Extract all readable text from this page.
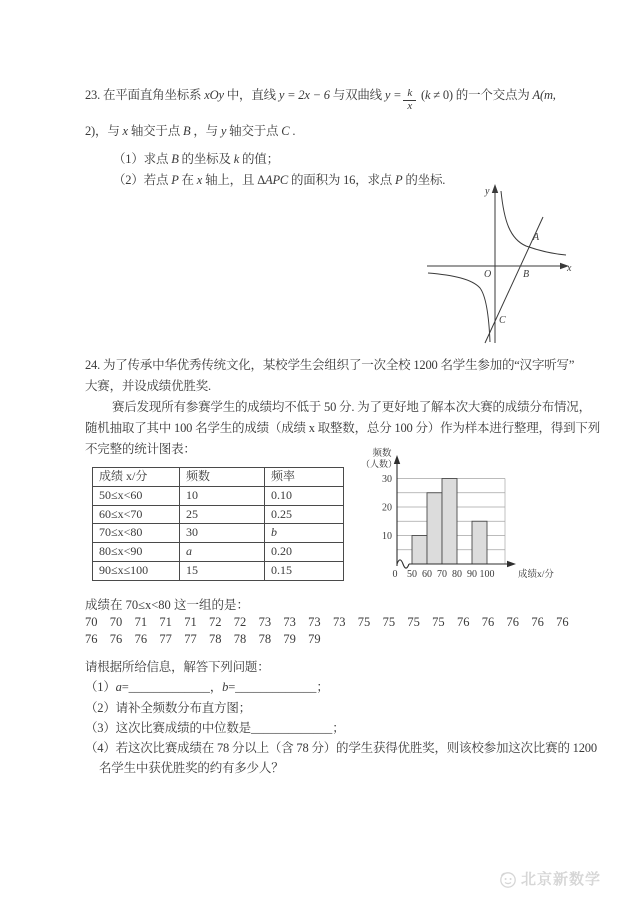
23. 在平面直角坐标系 xOy 中，直线 y = 2x − 6 与双曲线 $y = \frac{k}{x} (k \ne 0)$ 的一个交点为 A(m,
2)，与 x 轴交于点 B ，与 y 轴交于点 C .
（1）求点 B 的坐标及 k 的值；
（2）若点 P 在 x 轴上，且 ΔAPC 的面积为 16，求点 P 的坐标.
y
x
O
A
B
C
24. 为了传承中华优秀传统文化，某校学生会组织了一次全校 1200 名学生参加的“汉字听写”
大赛，并设成绩优胜奖.
赛后发现所有参赛学生的成绩均不低于 50 分. 为了更好地了解本次大赛的成绩分布情况，
随机抽取了其中 100 名学生的成绩（成绩 x 取整数，总分 100 分）作为样本进行整理，得到下列
不完整的统计图表：
成绩 x/分	频数	频率
50≤x<60	10	0.10
60≤x<70	25	0.25
70≤x<80	30	b
80≤x<90	a	0.20
90≤x≤100	15	0.15
10
20
30
0 50 60 70 80 90 100
频数
（人数）
成绩x/分
成绩在 70≤x<80 这一组的是：
70 70 71 71 71 72 72 73 73 73 73 75 75 75 75 76 76 76 76 76
76 76 76 77 77 78 78 78 79 79
请根据所给信息，解答下列问题：
（1）a=_____________，b=_____________；
（2）请补全频数分布直方图；
（3）这次比赛成绩的中位数是_____________；
（4）若这次比赛成绩在 78 分以上（含 78 分）的学生获得优胜奖，则该校参加这次比赛的 1200
名学生中获优胜奖的约有多少人？
北京新数学
